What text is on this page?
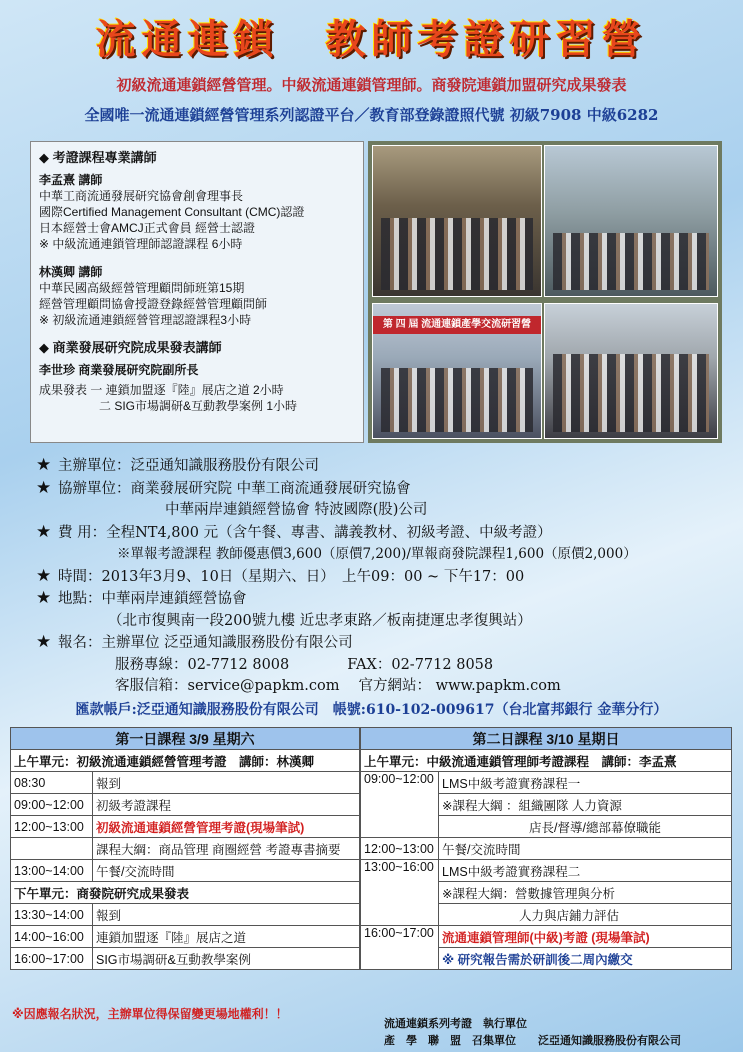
流通連鎖　教師考證研習營
初級流通連鎖經營管理。中級流通連鎖管理師。商發院連鎖加盟研究成果發表
全國唯一流通連鎖經營管理系列認證平台／教育部登錄證照代號 初級7908 中級6282
◆ 考證課程專業講師
李孟熹 講師
中華工商流通發展研究協會創會理事長
國際Certified Management Consultant (CMC)認證
日本經營士會AMCJ正式會員 經營士認證
※ 中級流通連鎖管理師認證課程 6小時
林漢卿 講師
中華民國高級經營管理顧問師班第15期
經營管理顧問協會授證登錄經營管理顧問師
※ 初級流通連鎖經營管理認證課程3小時
◆ 商業發展研究院成果發表講師
李世珍 商業發展研究院副所長
成果發表 一 連鎖加盟逐『陸』展店之道 2小時
二 SIG市場調研&互動教學案例 1小時
第 四 屆 流通連鎖產學交流研習營
★ 主辦單位：泛亞通知識服務股份有限公司
★ 協辦單位：商業發展研究院 中華工商流通發展研究協會
中華兩岸連鎖經營協會 特波國際(股)公司
★ 費 用：全程NT4,800 元（含午餐、專書、講義教材、初級考證、中級考證）
※單報考證課程 教師優惠價3,600（原價7,200)/單報商發院課程1,600（原價2,000）
★ 時間：2013年3月9、10日（星期六、日）　上午09：00 ~ 下午17：00
★ 地點：中華兩岸連鎖經營協會
（北市復興南一段200號九樓 近忠孝東路／板南捷運忠孝復興站）
★ 報名：主辦單位 泛亞通知識服務股份有限公司
服務專線：02-7712 8008　　　　FAX：02-7712 8058
客服信箱：service@papkm.com　 官方網站： www.papkm.com
匯款帳戶:泛亞通知識服務股份有限公司　帳號:610-102-009617（台北富邦銀行 金華分行）
第一日課程 3/9 星期六	
上午單元：初級流通連鎖經營管理考證　講師：林漢卿	
08:30	報到
09:00~12:00	初級考證課程
12:00~13:00	初級流通連鎖經營管理考證(現場筆試)
	課程大綱：商品管理 商圈經營 考證專書摘要
13:00~14:00	午餐/交流時間
下午單元：商發院研究成果發表	
13:30~14:00	報到
14:00~16:00	連鎖加盟逐『陸』展店之道
16:00~17:00	SIG市場調研&互動教學案例
第二日課程 3/10 星期日	
上午單元：中級流通連鎖管理師考證課程　講師：李孟熹	
09:00~12:00	LMS中級考證實務課程一
	※課程大綱 ：組織團隊 人力資源
	店長/督導/總部幕僚職能
12:00~13:00	午餐/交流時間
13:00~16:00	LMS中級考證實務課程二
	※課程大綱：營數據管理與分析
	人力與店鋪力評估
16:00~17:00	流通連鎖管理師(中級)考證 (現場筆試)
	※ 研究報告需於研訓後二周內繳交
※因應報名狀況，主辦單位得保留變更場地權利！！
流通連鎖系列考證　執行單位
產　學　聯　盟　召集單位　　泛亞通知識服務股份有限公司
